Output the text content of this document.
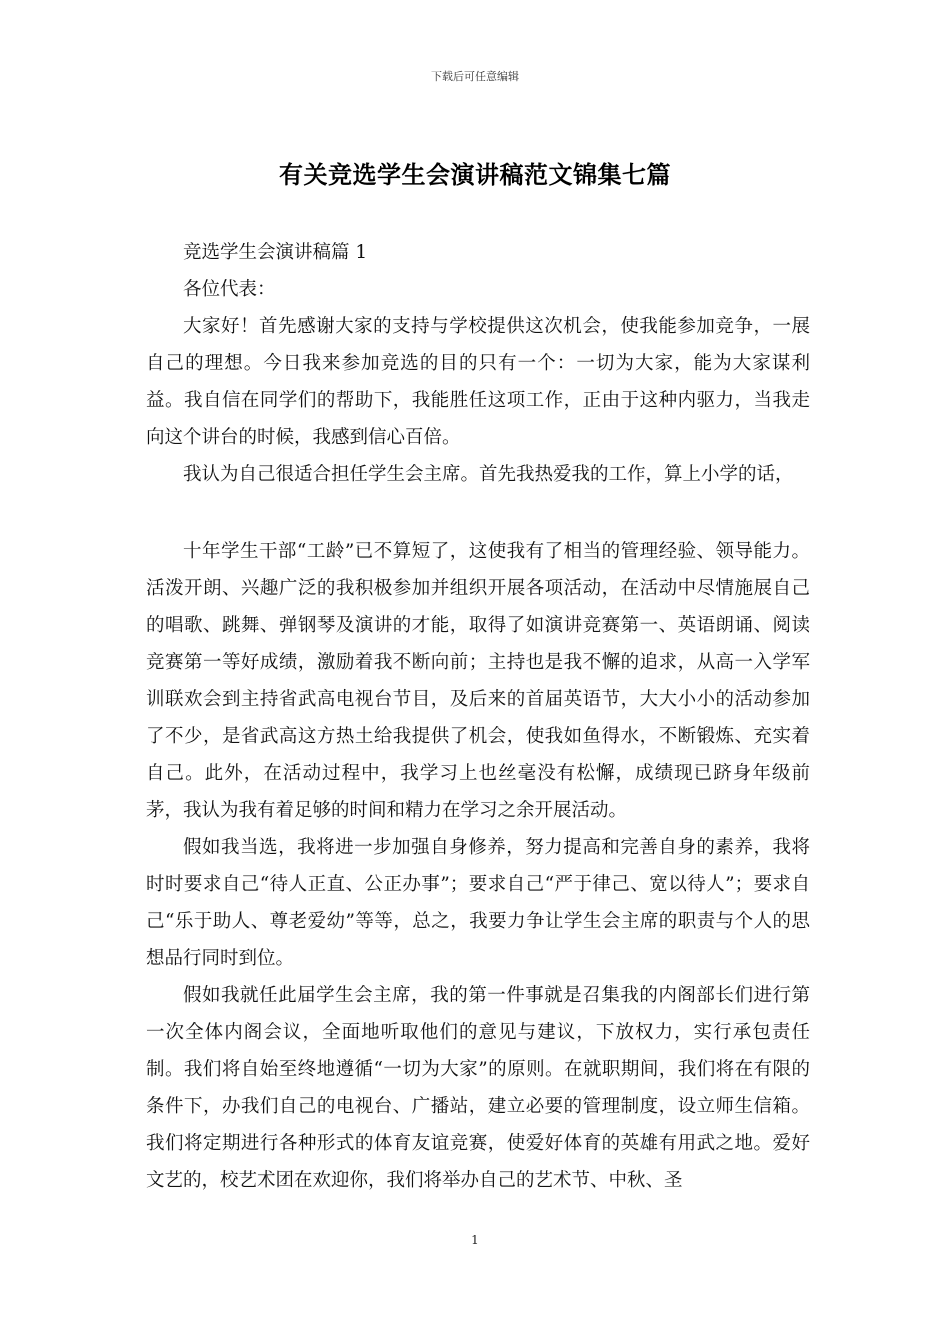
下载后可任意编辑
有关竞选学生会演讲稿范文锦集七篇

竞选学生会演讲稿篇 1

各位代表：

大家好！首先感谢大家的支持与学校提供这次机会，使我能参加竞争，一展自己的理想。今日我来参加竞选的目的只有一个：一切为大家，能为大家谋利益。我自信在同学们的帮助下，我能胜任这项工作，正由于这种内驱力，当我走向这个讲台的时候，我感到信心百倍。

我认为自己很适合担任学生会主席。首先我热爱我的工作，算上小学的话，

十年学生干部“工龄”已不算短了，这使我有了相当的管理经验、领导能力。活泼开朗、兴趣广泛的我积极参加并组织开展各项活动，在活动中尽情施展自己的唱歌、跳舞、弹钢琴及演讲的才能，取得了如演讲竞赛第一、英语朗诵、阅读竞赛第一等好成绩，激励着我不断向前；主持也是我不懈的追求，从高一入学军训联欢会到主持省武高电视台节目，及后来的首届英语节，大大小小的活动参加了不少，是省武高这方热土给我提供了机会，使我如鱼得水，不断锻炼、充实着自己。此外，在活动过程中，我学习上也丝毫没有松懈，成绩现已跻身年级前茅，我认为我有着足够的时间和精力在学习之余开展活动。

假如我当选，我将进一步加强自身修养，努力提高和完善自身的素养，我将时时要求自己“待人正直、公正办事”；要求自己“严于律己、宽以待人”；要求自己“乐于助人、尊老爱幼”等等，总之，我要力争让学生会主席的职责与个人的思想品行同时到位。

假如我就任此届学生会主席，我的第一件事就是召集我的内阁部长们进行第一次全体内阁会议，全面地听取他们的意见与建议，下放权力，实行承包责任制。我们将自始至终地遵循“一切为大家”的原则。在就职期间，我们将在有限的条件下，办我们自己的电视台、广播站，建立必要的管理制度，设立师生信箱。我们将定期进行各种形式的体育友谊竞赛，使爱好体育的英雄有用武之地。爱好文艺的，校艺术团在欢迎你，我们将举办自己的艺术节、中秋、圣

1
